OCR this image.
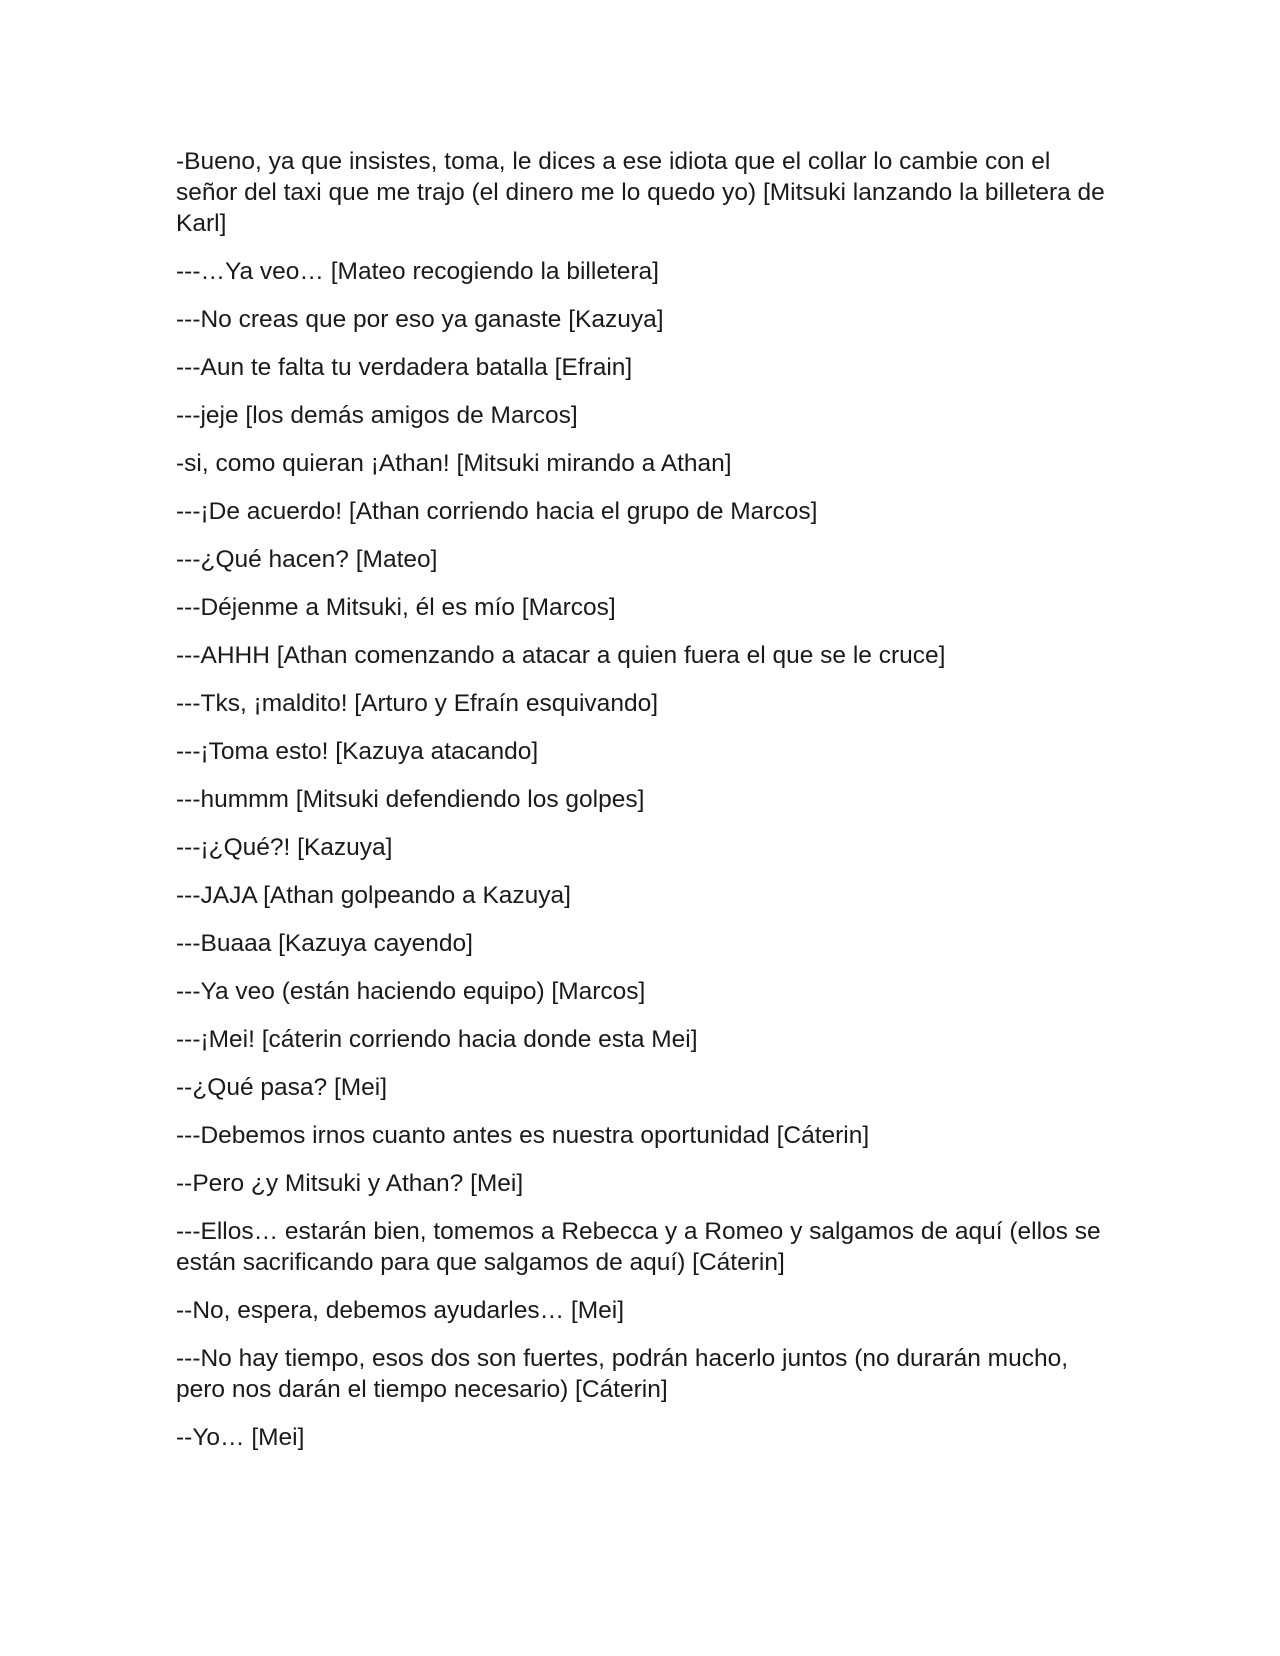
-Bueno, ya que insistes, toma, le dices a ese idiota que el collar lo cambie con el señor del taxi que me trajo (el dinero me lo quedo yo) [Mitsuki lanzando la billetera de Karl]

---…Ya veo… [Mateo recogiendo la billetera]

---No creas que por eso ya ganaste [Kazuya]

---Aun te falta tu verdadera batalla [Efrain]

---jeje [los demás amigos de Marcos]

-si, como quieran ¡Athan! [Mitsuki mirando a Athan]

---¡De acuerdo! [Athan corriendo hacia el grupo de Marcos]

---¿Qué hacen? [Mateo]

---Déjenme a Mitsuki, él es mío [Marcos]

---AHHH [Athan comenzando a atacar a quien fuera el que se le cruce]

---Tks, ¡maldito! [Arturo y Efraín esquivando]

---¡Toma esto! [Kazuya atacando]

---hummm [Mitsuki defendiendo los golpes]

---¡¿Qué?! [Kazuya]

---JAJA [Athan golpeando a Kazuya]

---Buaaa [Kazuya cayendo]

---Ya veo (están haciendo equipo) [Marcos]

---¡Mei! [cáterin corriendo hacia donde esta Mei]

--¿Qué pasa? [Mei]

---Debemos irnos cuanto antes es nuestra oportunidad [Cáterin]

--Pero ¿y Mitsuki y Athan? [Mei]

---Ellos… estarán bien, tomemos a Rebecca y a Romeo y salgamos de aquí (ellos se están sacrificando para que salgamos de aquí) [Cáterin]

--No, espera, debemos ayudarles… [Mei]

---No hay tiempo, esos dos son fuertes, podrán hacerlo juntos (no durarán mucho, pero nos darán el tiempo necesario) [Cáterin]

--Yo… [Mei]
